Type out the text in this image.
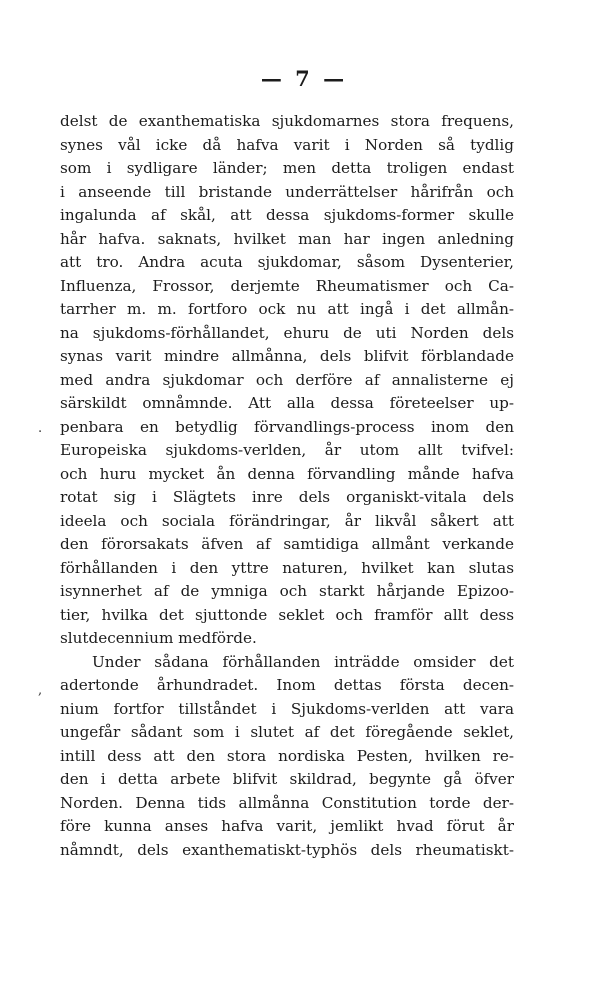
— 7 —
.
,
delst de exanthematiska sjukdomarnes stora frequens,
synes vål icke då hafva varit i Norden så tydlig
som i sydligare länder; men detta troligen endast
i anseende till bristande underrättelser hårifrån och
ingalunda af skål, att dessa sjukdoms-former skulle
hår hafva. saknats, hvilket man har ingen anledning
att tro. Andra acuta sjukdomar, såsom Dysenterier,
Influenza, Frossor, derjemte Rheumatismer och Ca-
tarrher m. m. fortforo ock nu att ingå i det allmån-
na sjukdoms-förhållandet, ehuru de uti Norden dels
synas varit mindre allmånna, dels blifvit förblandade
med andra sjukdomar och derföre af annalisterne ej
särskildt omnåmnde. Att alla dessa företeelser up-
penbara en betydlig förvandlings-process inom den
Europeiska sjukdoms-verlden, år utom allt tvifvel:
och huru mycket ån denna förvandling månde hafva
rotat sig i Slägtets inre dels organiskt-vitala dels
ideela och sociala förändringar, år likvål såkert att
den förorsakats äfven af samtidiga allmånt verkande
förhållanden i den yttre naturen, hvilket kan slutas
isynnerhet af de ymniga och starkt hårjande Epizoo-
tier, hvilka det sjuttonde seklet och framför allt dess
slutdecennium medförde.
Under sådana förhållanden inträdde omsider det
adertonde århundradet. Inom dettas första decen-
nium fortfor tillståndet i Sjukdoms-verlden att vara
ungefår sådant som i slutet af det föregående seklet,
intill dess att den stora nordiska Pesten, hvilken re-
den i detta arbete blifvit skildrad, begynte gå öfver
Norden. Denna tids allmånna Constitution torde der-
före kunna anses hafva varit, jemlikt hvad förut år
nåmndt, dels exanthematiskt-typhös dels rheumatiskt-
